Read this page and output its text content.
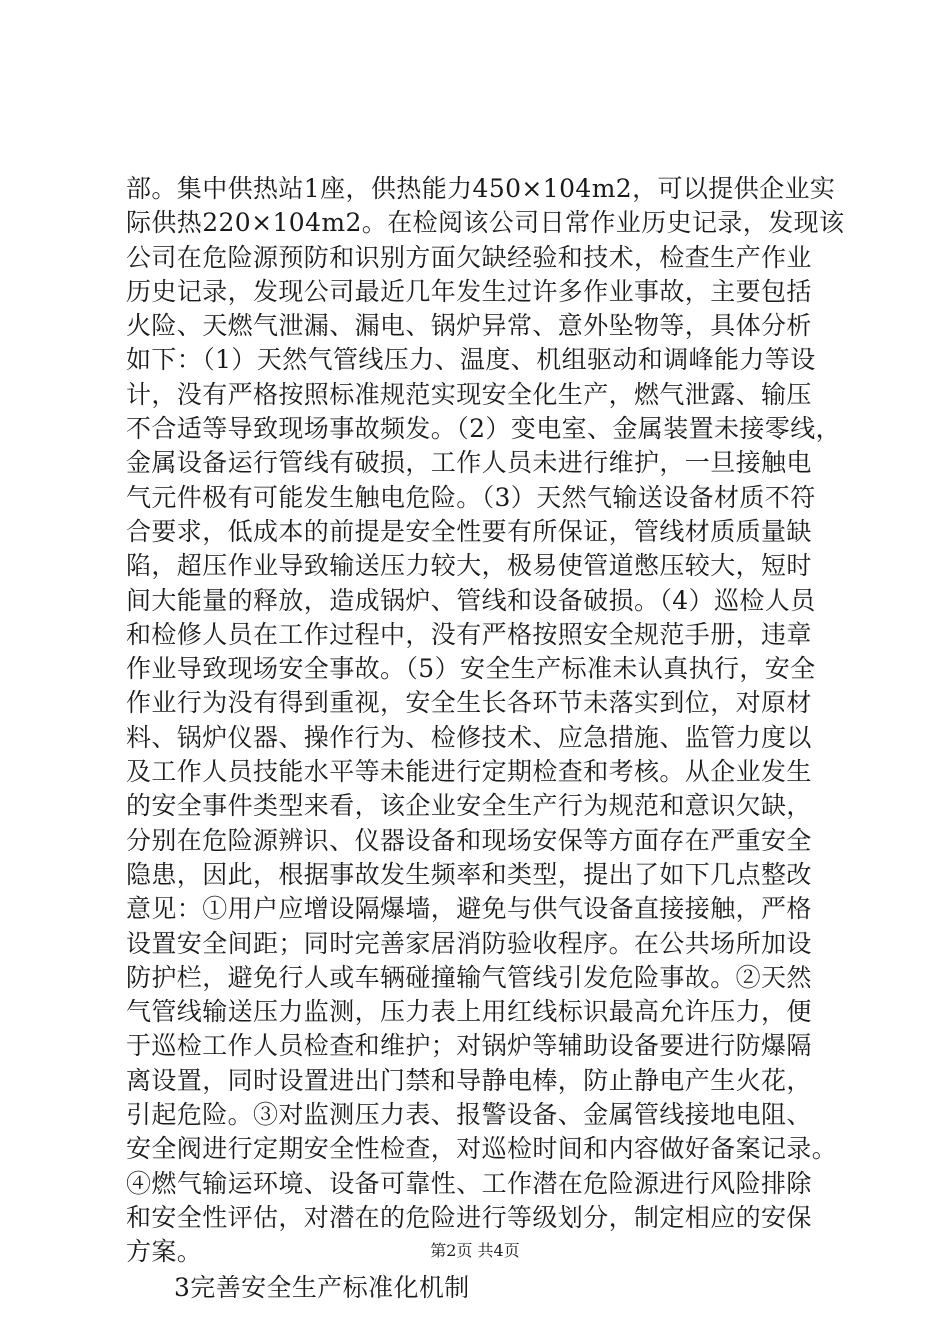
部。集中供热站1座，供热能力450×104m2，可以提供企业实
际供热220×104m2。在检阅该公司日常作业历史记录，发现该
公司在危险源预防和识别方面欠缺经验和技术，检查生产作业
历史记录，发现公司最近几年发生过许多作业事故，主要包括
火险、天燃气泄漏、漏电、锅炉异常、意外坠物等，具体分析
如下：（1）天然气管线压力、温度、机组驱动和调峰能力等设
计，没有严格按照标准规范实现安全化生产，燃气泄露、输压
不合适等导致现场事故频发。（2）变电室、金属装置未接零线，
金属设备运行管线有破损，工作人员未进行维护，一旦接触电
气元件极有可能发生触电危险。（3）天然气输送设备材质不符
合要求，低成本的前提是安全性要有所保证，管线材质质量缺
陷，超压作业导致输送压力较大，极易使管道憋压较大，短时
间大能量的释放，造成锅炉、管线和设备破损。（4）巡检人员
和检修人员在工作过程中，没有严格按照安全规范手册，违章
作业导致现场安全事故。（5）安全生产标准未认真执行，安全
作业行为没有得到重视，安全生长各环节未落实到位，对原材
料、锅炉仪器、操作行为、检修技术、应急措施、监管力度以
及工作人员技能水平等未能进行定期检查和考核。从企业发生
的安全事件类型来看，该企业安全生产行为规范和意识欠缺，
分别在危险源辨识、仪器设备和现场安保等方面存在严重安全
隐患，因此，根据事故发生频率和类型，提出了如下几点整改
意见：①用户应增设隔爆墙，避免与供气设备直接接触，严格
设置安全间距；同时完善家居消防验收程序。在公共场所加设
防护栏，避免行人或车辆碰撞输气管线引发危险事故。②天然
气管线输送压力监测，压力表上用红线标识最高允许压力，便
于巡检工作人员检查和维护；对锅炉等辅助设备要进行防爆隔
离设置，同时设置进出门禁和导静电棒，防止静电产生火花，
引起危险。③对监测压力表、报警设备、金属管线接地电阻、
安全阀进行定期安全性检查，对巡检时间和内容做好备案记录。
④燃气输运环境、设备可靠性、工作潜在危险源进行风险排除
和安全性评估，对潜在的危险进行等级划分，制定相应的安保
方案。
3完善安全生产标准化机制
第2页 共4页
